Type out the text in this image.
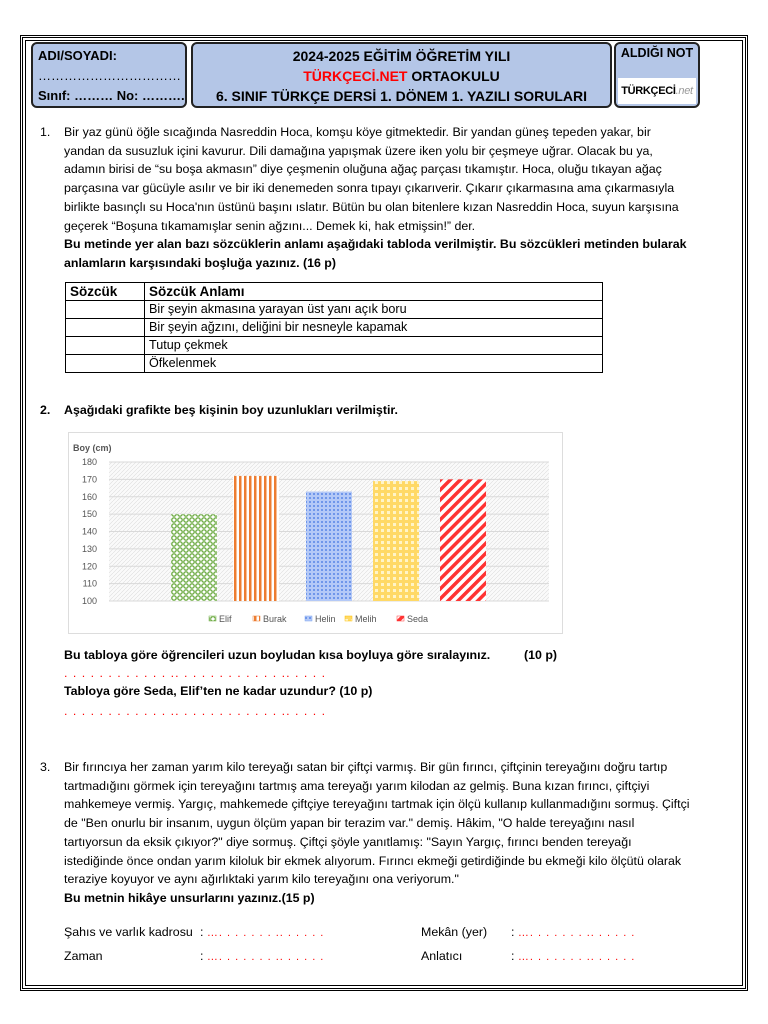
ADI/SOYADI:
……………………………
Sınıf: ……… No: ……….
2024-2025 EĞİTİM ÖĞRETİM YILI
TÜRKÇECİ.NET ORTAOKULU
6. SINIF TÜRKÇE DERSİ 1. DÖNEM 1. YAZILI SORULARI
ALDIĞI NOT
TÜRKÇECİ.net
1. Bir yaz günü öğle sıcağında Nasreddin Hoca, komşu köye gitmektedir. Bir yandan güneş tepeden yakar, bir yandan da susuzluk içini kavurur. Dili damağına yapışmak üzere iken yolu bir çeşmeye uğrar. Olacak bu ya, adamın birisi de “su boşa akmasın” diye çeşmenin oluğuna ağaç parçası tıkamıştır. Hoca, oluğu tıkayan ağaç parçasına var gücüyle asılır ve bir iki denemeden sonra tıpayı çıkarıverir. Çıkarır çıkarmasına ama çıkarmasıyla birlikte basınçlı su Hoca'nın üstünü başını ıslatır. Bütün bu olan bitenlere kızan Nasreddin Hoca, suyun karşısına geçerek “Boşuna tıkamamışlar senin ağzını... Demek ki, hak etmişsin!” der.
Bu metinde yer alan bazı sözcüklerin anlamı aşağıdaki tabloda verilmiştir. Bu sözcükleri metinden bularak anlamların karşısındaki boşluğa yazınız. (16 p)
Sözcük	Sözcük Anlamı
	Bir şeyin akmasına yarayan üst yanı açık boru
	Bir şeyin ağzını, deliğini bir nesneyle kapamak
	Tutup çekmek
	Öfkelenmek
2. Aşağıdaki grafikte beş kişinin boy uzunlukları verilmiştir.
Boy (cm)
100
110
120
130
140
150
160
170
180
Elif	Burak	Helin Melih	Seda
Bu tabloya göre öğrencileri uzun boyludan kısa boyluya göre sıralayınız.	(10 p)
. . . . . . . . . . . . .. . . . . . . . . . . . .. . . . .
Tabloya göre Seda, Elif’ten ne kadar uzundur? (10 p)
. . . . . . . . . . . . .. . . . . . . . . . . . .. . . . .
3. Bir fırıncıya her zaman yarım kilo tereyağı satan bir çiftçi varmış. Bir gün fırıncı, çiftçinin tereyağını doğru tartıp tartmadığını görmek için tereyağını tartmış ama tereyağı yarım kilodan az gelmiş. Buna kızan fırıncı, çiftçiyi mahkemeye vermiş. Yargıç, mahkemede çiftçiye tereyağını tartmak için ölçü kullanıp kullanmadığını sormuş. Çiftçi de "Ben onurlu bir insanım, uygun ölçüm yapan bir terazim var." demiş. Hâkim, "O halde tereyağını nasıl tartıyorsun da eksik çıkıyor?" diye sormuş. Çiftçi şöyle yanıtlamış: "Sayın Yargıç, fırıncı benden tereyağı istediğinde önce ondan yarım kiloluk bir ekmek alıyorum. Fırıncı ekmeği getirdiğinde bu ekmeği kilo ölçütü olarak teraziye koyuyor ve aynı ağırlıktaki yarım kilo tereyağını ona veriyorum."
Bu metnin hikâye unsurlarını yazınız.(15 p)
Şahıs ve varlık kadrosu : …. . . . . . . .. . . . . .	Mekân (yer) : …. . . . . . . .. . . . . .
Zaman	: …. . . . . . . .. . . . . .	Anlatıcı	: …. . . . . . . .. . . . . .
